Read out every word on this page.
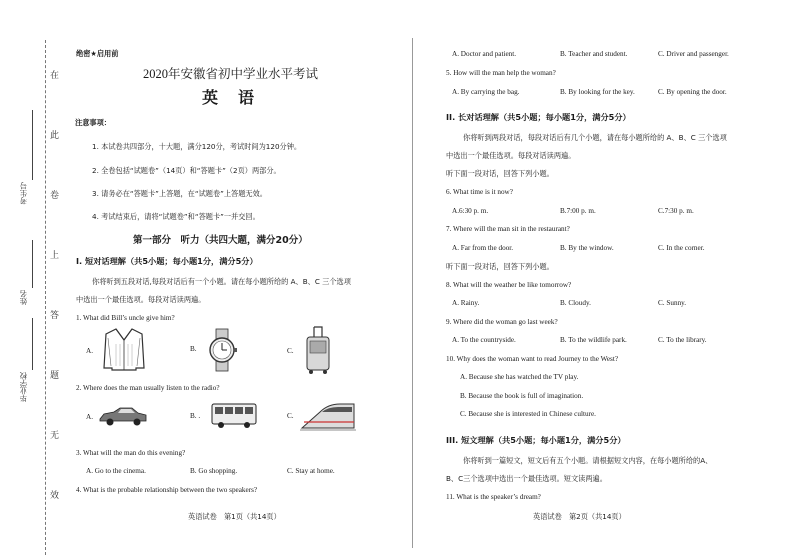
在
此
卷
上
答
题
无
效
考生号
姓名
毕业学校
绝密★启用前
2020年安徽省初中学业水平考试
英　语
注意事项：
1. 本试卷共四部分，十大题，满分120分，考试时间为120分钟。
2. 全卷包括“试题卷”（14页）和“答题卡”（2页）两部分。
3. 请务必在“答题卡”上答题，在“试题卷”上答题无效。
4. 考试结束后，请将“试题卷”和“答题卡”一并交回。
第一部分　听力（共四大题，满分20分）
I. 短对话理解（共5小题；每小题1分，满分5分）
你将听到五段对话,每段对话后有一个小题。请在每小题所给的 A、B、C 三个选项
中选出一个最佳选项。每段对话读两遍。
1. What did Bill’s uncle give him?
A.	B.	C.
2. Where does the man usually listen to the radio?
A.	B. .	C.
3. What will the man do this evening?
A. Go to the cinema.	B. Go shopping.	C. Stay at home.
4. What is the probable relationship between the two speakers?
英语试卷　第1页（共14页）
A. Doctor and patient.	B. Teacher and student.	C. Driver and passenger.
5. How will the man help the woman?
A. By carrying the bag.	B. By looking for the key.	C. By opening the door.
II. 长对话理解（共5小题；每小题1分，满分5分）
你将听到两段对话，每段对话后有几个小题，请在每小题所给的 A、B、C 三个选项
中选出一个最佳选项。每段对话读两遍。
听下面一段对话，回答下列小题。
6. What time is it now?
A.6:30 p. m.	B.7:00 p. m.	C.7:30 p. m.
7. Where will the man sit in the restaurant?
A. Far from the door.	B. By the window.	C. In the corner.
听下面一段对话，回答下列小题。
8. What will the weather be like tomorrow?
A. Rainy.	B. Cloudy.	C. Sunny.
9. Where did the woman go last week?
A. To the countryside.	B. To the wildlife park.	C. To the library.
10. Why does the woman want to read Journey to the West?
A. Because she has watched the TV play.
B. Because the book is full of imagination.
C. Because she is interested in Chinese culture.
III. 短文理解（共5小题；每小题1分，满分5分）
你将听到一篇短文，短文后有五个小题。请根据短文内容，在每小题所给的A、
B、C三个选项中选出一个最佳选项。短文读两遍。
11. What is the speaker’s dream?
英语试卷　第2页（共14页）
